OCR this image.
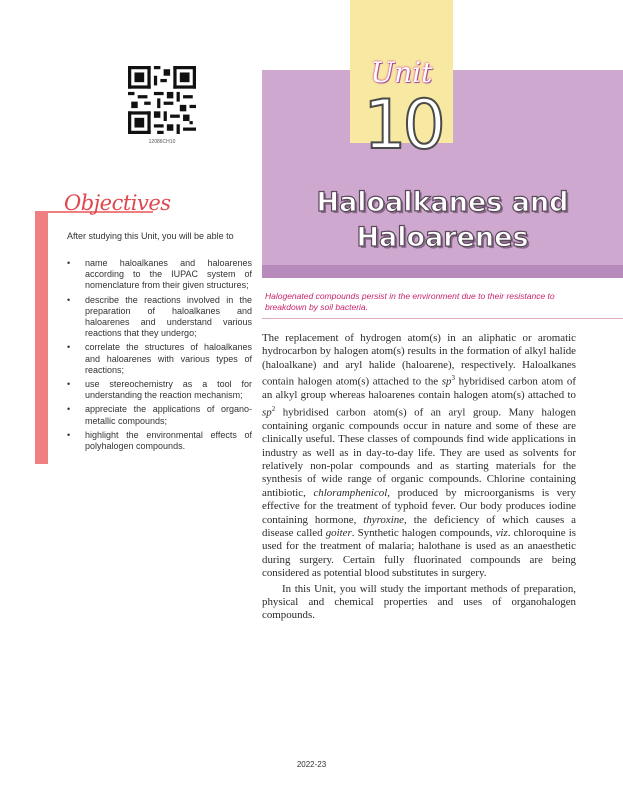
12086CH10
Unit
10
Haloalkanes and
Haloarenes
Halogenated compounds persist in the environment due to their resistance to breakdown by soil bacteria.
Objectives
After studying this Unit, you will be able to
• name haloalkanes and haloarenes according to the IUPAC system of nomenclature from their given structures;
• describe the reactions involved in the preparation of haloalkanes and haloarenes and understand various reactions that they undergo;
• correlate the structures of haloalkanes and haloarenes with various types of reactions;
• use stereochemistry as a tool for understanding the reaction mechanism;
• appreciate the applications of organo-metallic compounds;
• highlight the environmental effects of polyhalogen compounds.

The replacement of hydrogen atom(s) in an aliphatic or aromatic hydrocarbon by halogen atom(s) results in the formation of alkyl halide (haloalkane) and aryl halide (haloarene), respectively. Haloalkanes contain halogen atom(s) attached to the $sp^3$ hybridised carbon atom of an alkyl group whereas haloarenes contain halogen atom(s) attached to $sp^2$ hybridised carbon atom(s) of an aryl group. Many halogen containing organic compounds occur in nature and some of these are clinically useful. These classes of compounds find wide applications in industry as well as in day-to-day life. They are used as solvents for relatively non-polar compounds and as starting materials for the synthesis of wide range of organic compounds. Chlorine containing antibiotic, chloramphenicol, produced by microorganisms is very effective for the treatment of typhoid fever. Our body produces iodine containing hormone, thyroxine, the deficiency of which causes a disease called goiter. Synthetic halogen compounds, viz. chloroquine is used for the treatment of malaria; halothane is used as an anaesthetic during surgery. Certain fully fluorinated compounds are being considered as potential blood substitutes in surgery.

In this Unit, you will study the important methods of preparation, physical and chemical properties and uses of organohalogen compounds.

2022-23
